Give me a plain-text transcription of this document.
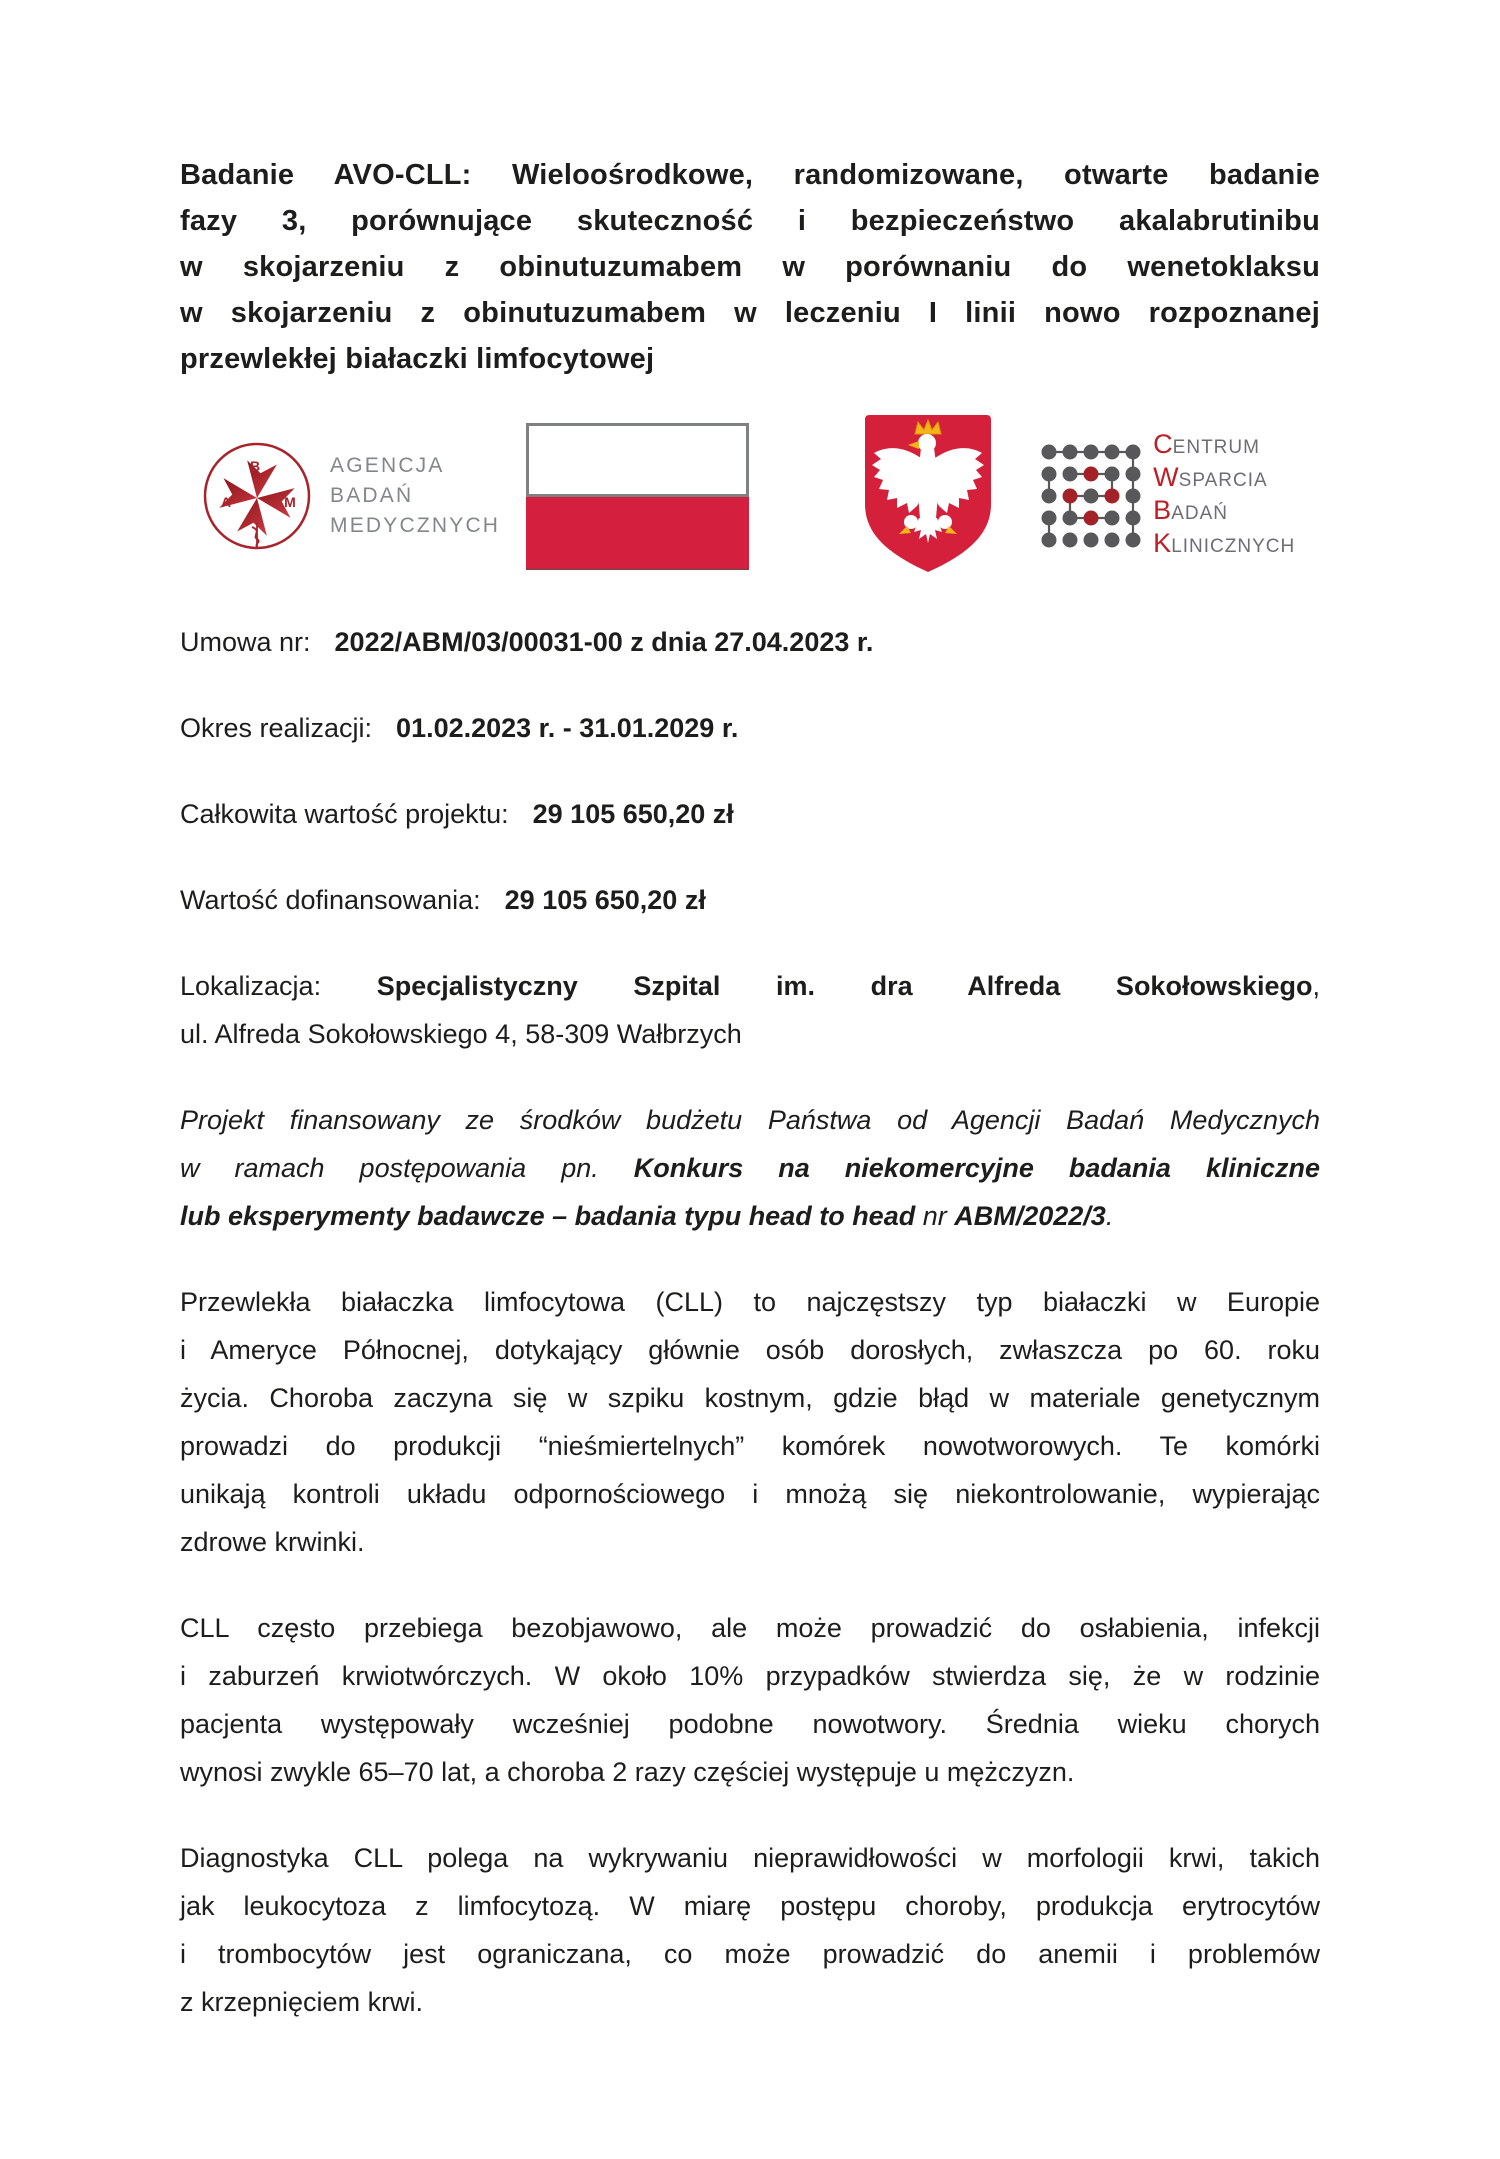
Badanie AVO-CLL: Wieloośrodkowe, randomizowane, otwarte badanie
fazy 3, porównujące skuteczność i bezpieczeństwo akalabrutinibu
w skojarzeniu z obinutuzumabem w porównaniu do wenetoklaksu
w skojarzeniu z obinutuzumabem w leczeniu I linii nowo rozpoznanej
przewlekłej białaczki limfocytowej
B
A	M
AGENCJA
BADAŃ
MEDYCZNYCH
CENTRUM
WSPARCIA
BADAŃ
KLINICZNYCH
Umowa nr: 2022/ABM/03/00031-00 z dnia 27.04.2023 r.
Okres realizacji: 01.02.2023 r. - 31.01.2029 r.
Całkowita wartość projektu: 29 105 650,20 zł
Wartość dofinansowania: 29 105 650,20 zł
Lokalizacja: Specjalistyczny Szpital im. dra Alfreda Sokołowskiego,
ul. Alfreda Sokołowskiego 4, 58-309 Wałbrzych
Projekt finansowany ze środków budżetu Państwa od Agencji Badań Medycznych
w ramach postępowania pn. Konkurs na niekomercyjne badania kliniczne
lub eksperymenty badawcze – badania typu head to head nr ABM/2022/3.
Przewlekła białaczka limfocytowa (CLL) to najczęstszy typ białaczki w Europie
i Ameryce Północnej, dotykający głównie osób dorosłych, zwłaszcza po 60. roku
życia. Choroba zaczyna się w szpiku kostnym, gdzie błąd w materiale genetycznym
prowadzi do produkcji “nieśmiertelnych” komórek nowotworowych. Te komórki
unikają kontroli układu odpornościowego i mnożą się niekontrolowanie, wypierając
zdrowe krwinki.
CLL często przebiega bezobjawowo, ale może prowadzić do osłabienia, infekcji
i zaburzeń krwiotwórczych. W około 10% przypadków stwierdza się, że w rodzinie
pacjenta występowały wcześniej podobne nowotwory. Średnia wieku chorych
wynosi zwykle 65–70 lat, a choroba 2 razy częściej występuje u mężczyzn.
Diagnostyka CLL polega na wykrywaniu nieprawidłowości w morfologii krwi, takich
jak leukocytoza z limfocytozą. W miarę postępu choroby, produkcja erytrocytów
i trombocytów jest ograniczana, co może prowadzić do anemii i problemów
z krzepnięciem krwi.
